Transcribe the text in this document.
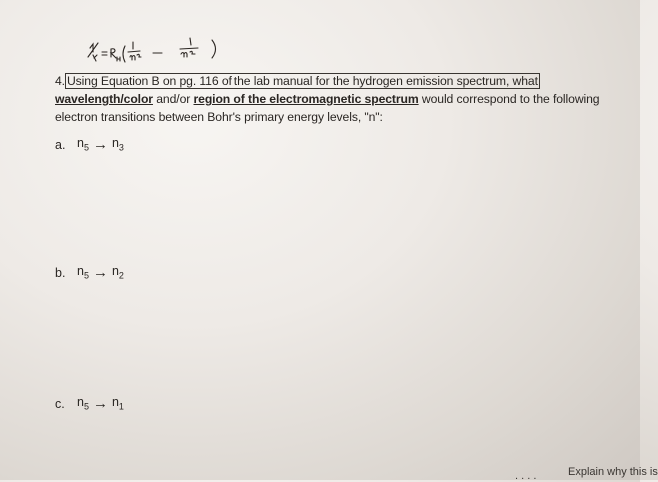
4. Using Equation B on pg. 116 of the lab manual for the hydrogen emission spectrum, what
wavelength/color and/or region of the electromagnetic spectrum would correspond to the following
electron transitions between Bohr's primary energy levels, "n":
a. $n_5 \to n_3$
b. $n_5 \to n_2$
c. $n_5 \to n_1$
. . . .	Explain why this is
